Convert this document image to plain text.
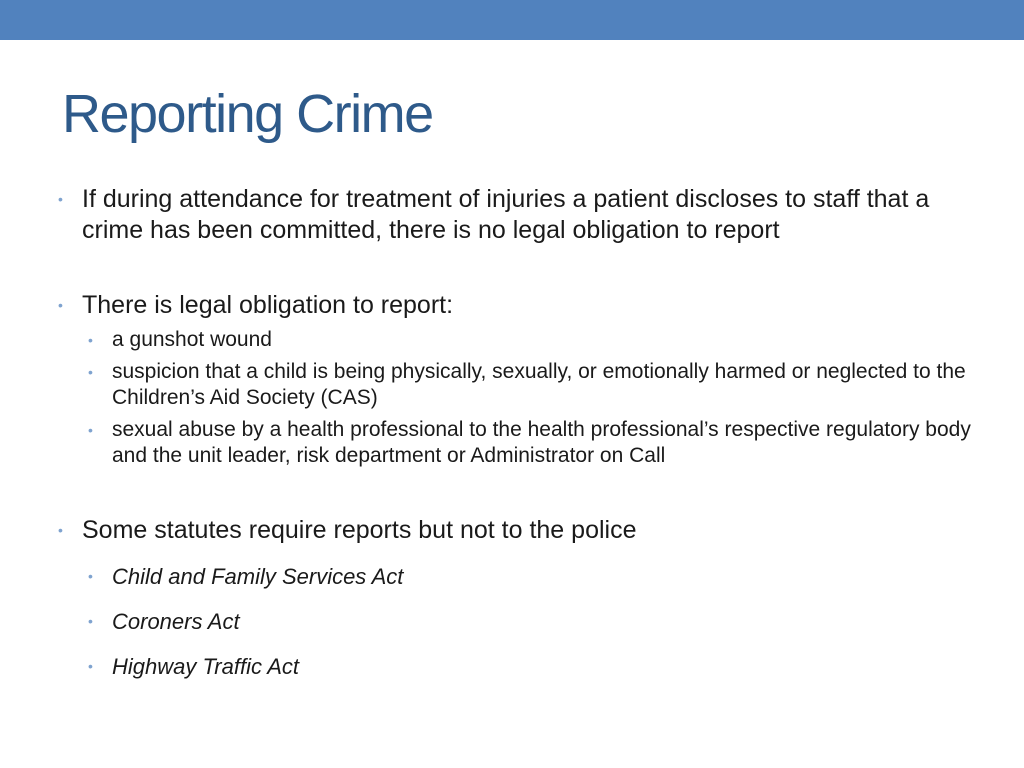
Reporting Crime
• If during attendance for treatment of injuries a patient discloses to staff that a crime has been committed, there is no legal obligation to report
• There is legal obligation to report:
• a gunshot wound
• suspicion that a child is being physically, sexually, or emotionally harmed or neglected to the Children’s Aid Society (CAS)
• sexual abuse by a health professional to the health professional’s respective regulatory body and the unit leader, risk department or Administrator on Call
• Some statutes require reports but not to the police
• Child and Family Services Act
• Coroners Act
• Highway Traffic Act
